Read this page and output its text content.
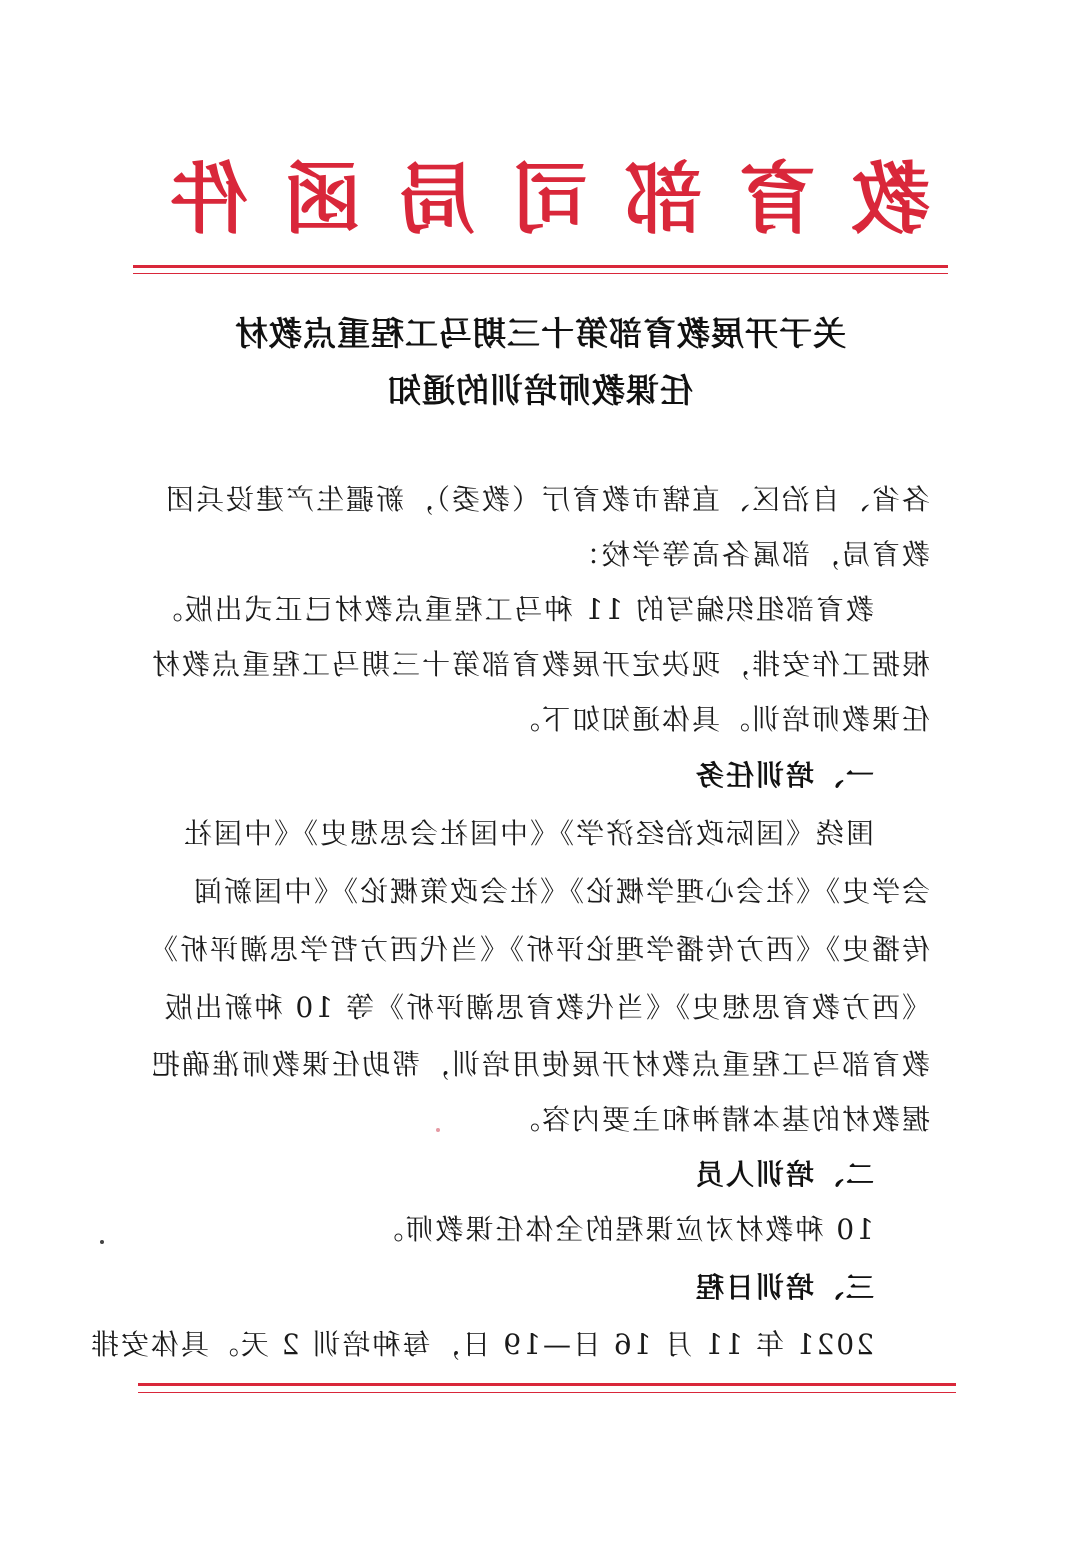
教
育
部
司
局
函
件
关于开展教育部第十三期马工程重点教材
任课教师培训的通知
各省、自治区、直辖市教育厅（教委），新疆生产建设兵团
教育局，部属各高等学校：
教育部组织编写的 11 种马工程重点教材已正式出版。
根据工作安排，现决定开展教育部第十三期马工程重点教材
任课教师培训。具体通知如下。
一、培训任务
围绕《国际政治经济学》《中国社会思想史》《中国社
会学史》《社会心理学概论》《社会政策概论》《中国新闻
传播史》《西方传播学理论评析》《当代西方哲学思潮评析》
《西方教育思想史》《当代教育思潮评析》等 10 种新出版
教育部马工程重点教材开展使用培训，帮助任课教师准确把
握教材的基本精神和主要内容。
二、培训人员
10 种教材对应课程的全体任课教师。
三、培训日程
2021 年 11 月 16 日—19 日，每种培训 2 天。具体安排
